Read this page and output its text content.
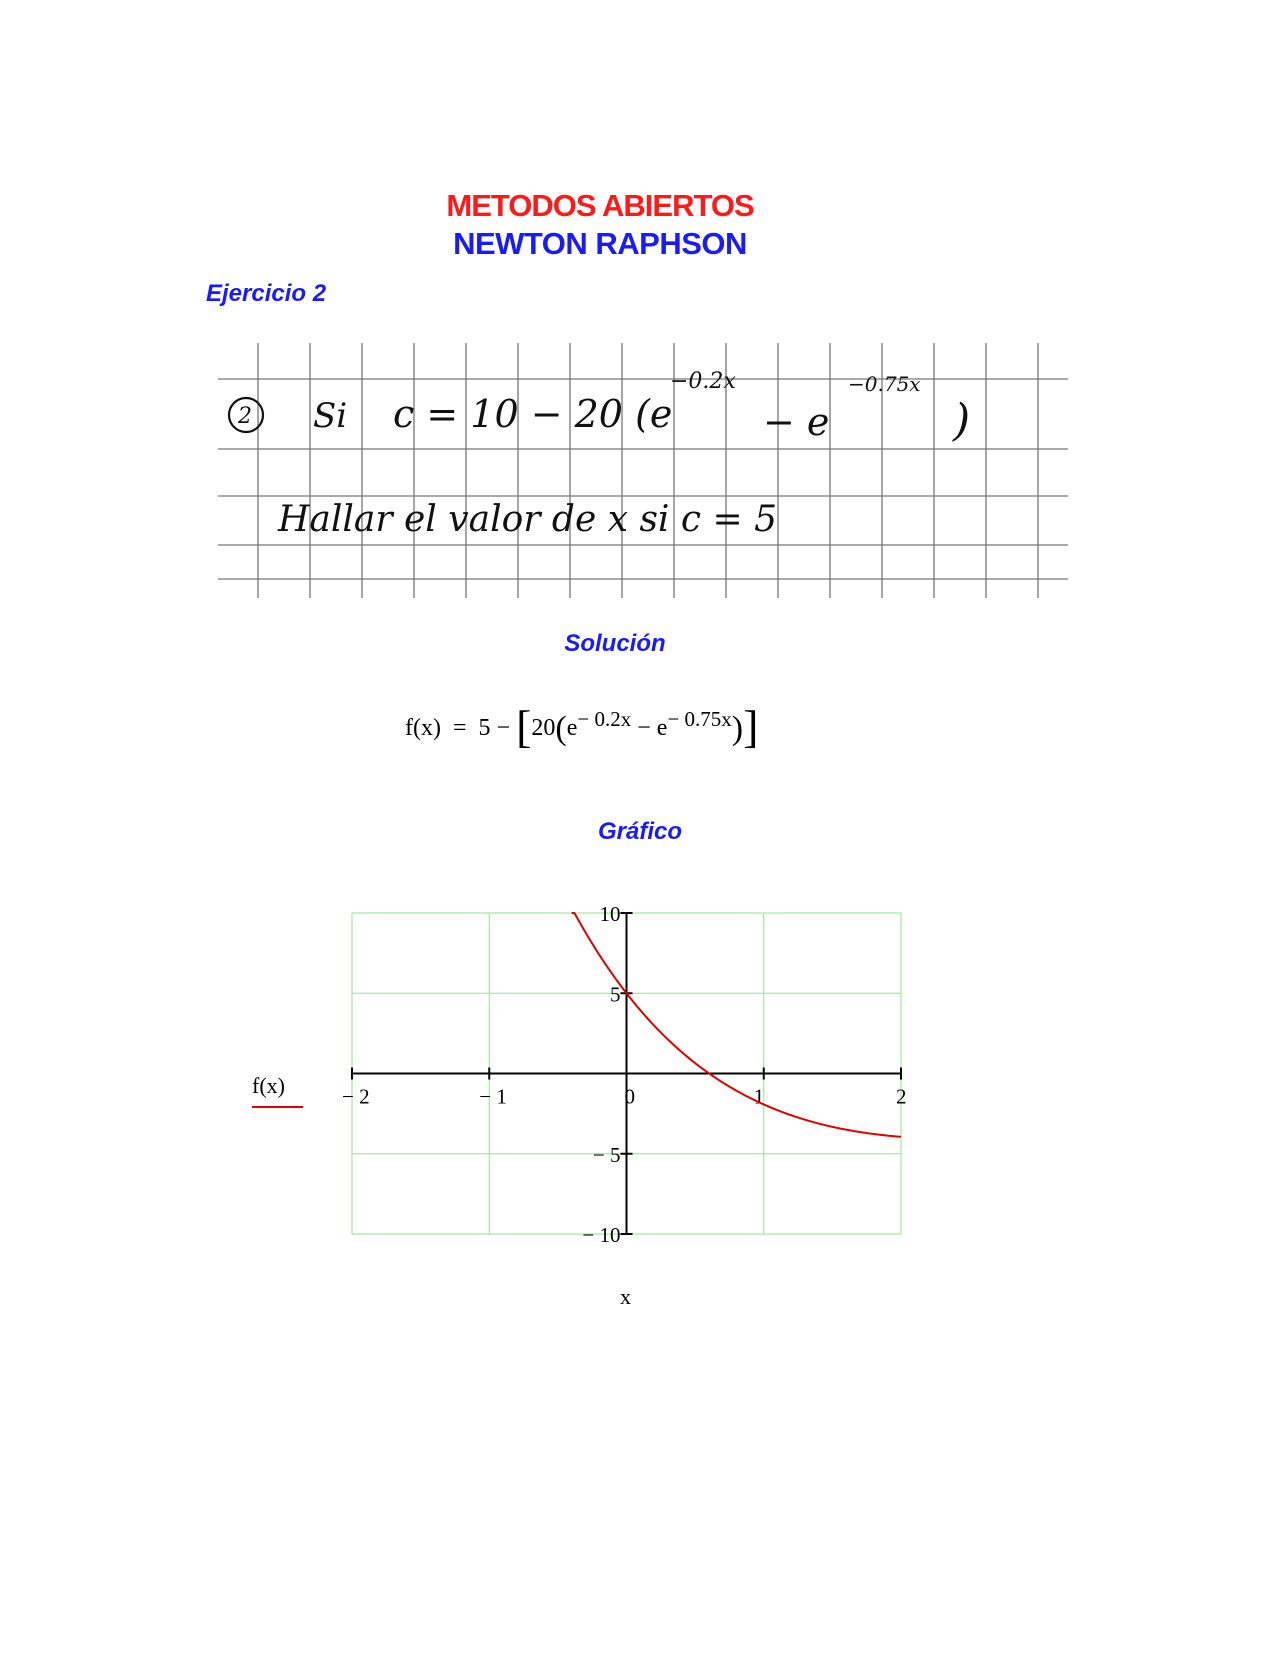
METODOS ABIERTOS
NEWTON RAPHSON
Ejercicio 2
2 Si c = 10 − 20 (e
−0.2x
− e
−0.75x
)
Hallar el valor de x si c = 5
Solución
$f(x) = 5 - [20(e^{- 0.2x} - e^{- 0.75x})]$
Gráfico
− 2	− 1	0	1	2
− 10
− 5
5
10
f(x)
x
